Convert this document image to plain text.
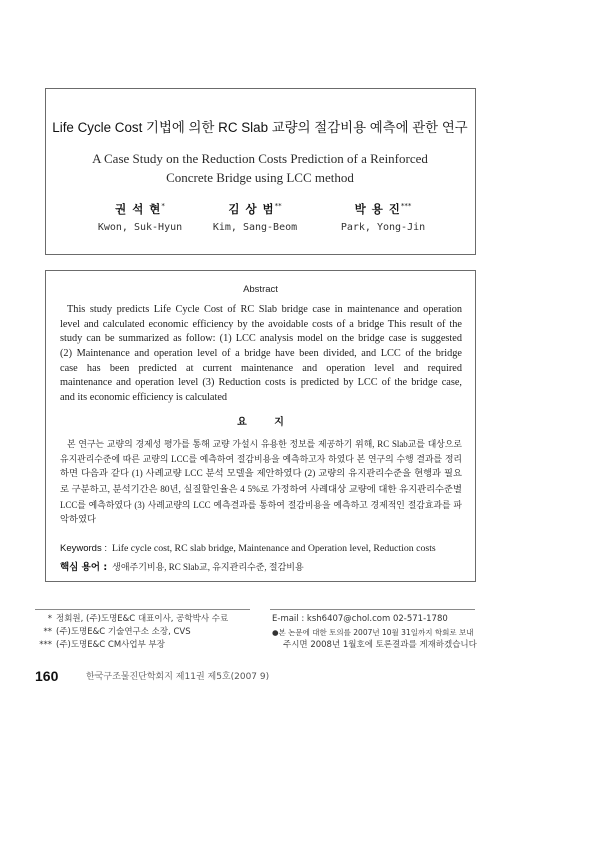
Life Cycle Cost 기법에 의한 RC Slab 교량의 절감비용 예측에 관한 연구
A Case Study on the Reduction Costs Prediction of a Reinforced
Concrete Bridge using LCC method
권 석 현*
Kwon, Suk-Hyun
김 상 범**
Kim, Sang-Beom
박 용 진***
Park, Yong-Jin
Abstract
This study predicts Life Cycle Cost of RC Slab bridge case in maintenance and operation
level and calculated economic efficiency by the avoidable costs of a bridge This result of the
study can be summarized as follow: (1) LCC analysis model on the bridge case is suggested
(2) Maintenance and operation level of a bridge have been divided, and LCC of the bridge
case has been predicted at current maintenance and operation level and required
maintenance and operation level (3) Reduction costs is predicted by LCC of the bridge case,
and its economic efficiency is calculated
요 지
본 연구는 교량의 경제성 평가를 통해 교량 가설시 유용한 정보를 제공하기 위해, RC Slab교를 대상으로
유지관리수준에 따른 교량의 LCC를 예측하여 절감비용을 예측하고자 하였다 본 연구의 수행 결과를 정리
하면 다음과 같다 (1) 사례교량 LCC 분석 모델을 제안하였다 (2) 교량의 유지관리수준을 현행과 필요
로 구분하고, 분석기간은 80년, 실질할인율은 4 5%로 가정하여 사례대상 교량에 대한 유지관리수준별
LCC를 예측하였다 (3) 사례교량의 LCC 예측결과를 통하여 절감비용을 예측하고 경제적인 절감효과를 파
악하였다
Keywords : Life cycle cost, RC slab bridge, Maintenance and Operation level, Reduction costs
핵심 용어 : 생애주기비용, RC Slab교, 유지관리수준, 절감비용
* 정회원, (주)도명E&C 대표이사, 공학박사 수료
** (주)도명E&C 기술연구소 소장, CVS
*** (주)도명E&C CM사업부 부장
E-mail : ksh6407@chol.com 02-571-1780
●본 논문에 대한 토의를 2007년 10월 31일까지 학회로 보내
주시면 2008년 1월호에 토론결과를 게재하겠습니다
160	한국구조물진단학회지 제11권 제5호(2007 9)
